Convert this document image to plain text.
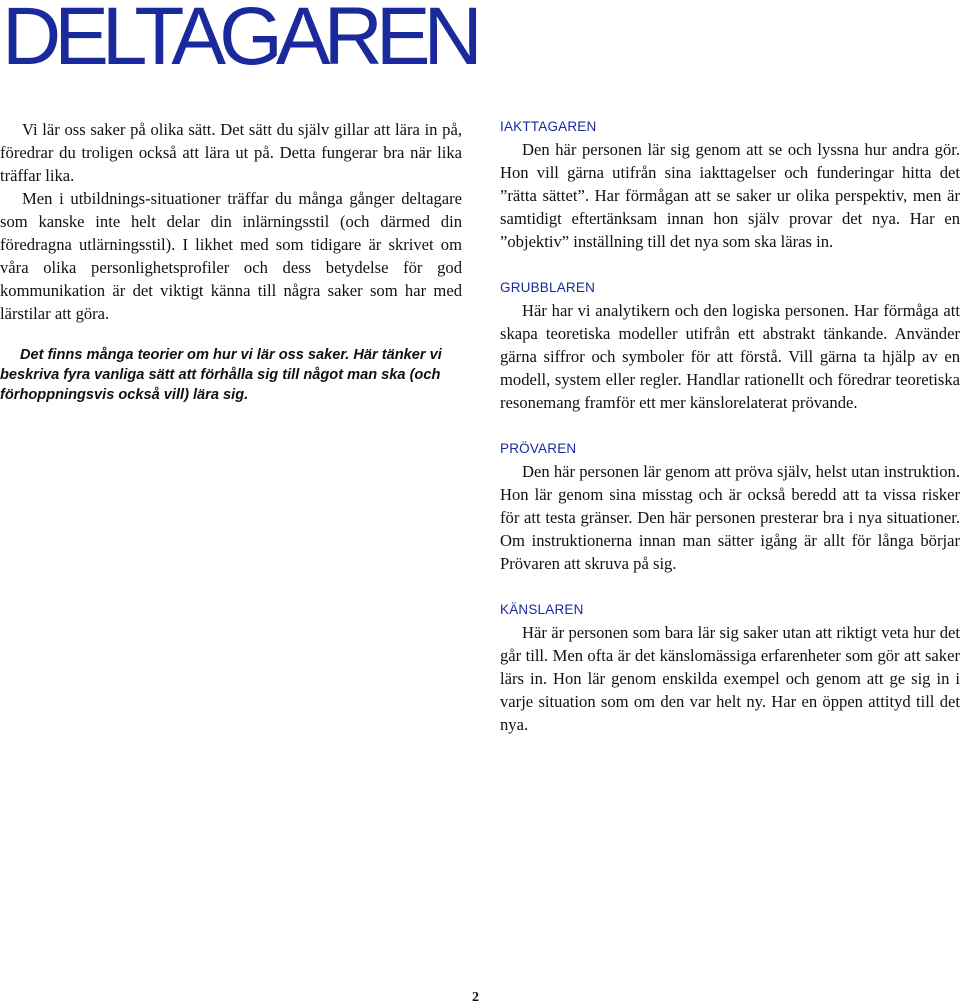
DELTAGAREN

Vi lär oss saker på olika sätt. Det sätt du själv gillar att lära in på, föredrar du troligen också att lära ut på. Detta fungerar bra när lika träffar lika.

Men i utbildnings-situationer träffar du många gånger deltagare som kanske inte helt delar din inlärningsstil (och därmed din föredragna utlärningsstil). I likhet med som tidigare är skrivet om våra olika personlighetsprofiler och dess betydelse för god kommunikation är det viktigt känna till några saker som har med lärstilar att göra.

Det finns många teorier om hur vi lär oss saker. Här tänker vi beskriva fyra vanliga sätt att förhålla sig till något man ska (och förhoppningsvis också vill) lära sig.

IAKTTAGAREN

Den här personen lär sig genom att se och lyssna hur andra gör. Hon vill gärna utifrån sina iakttagelser och funderingar hitta det ”rätta sättet”. Har förmågan att se saker ur olika perspektiv, men är samtidigt eftertänksam innan hon själv provar det nya. Har en ”objektiv” inställning till det nya som ska läras in.

GRUBBLAREN

Här har vi analytikern och den logiska personen. Har förmåga att skapa teoretiska modeller utifrån ett abstrakt tänkande. Använder gärna siffror och symboler för att förstå. Vill gärna ta hjälp av en modell, system eller regler. Handlar rationellt och föredrar teoretiska resonemang framför ett mer känslorelaterat prövande.

PRÖVAREN

Den här personen lär genom att pröva själv, helst utan instruktion. Hon lär genom sina misstag och är också beredd att ta vissa risker för att testa gränser. Den här personen presterar bra i nya situationer. Om instruktionerna innan man sätter igång är allt för långa börjar Prövaren att skruva på sig.

KÄNSLAREN

Här är personen som bara lär sig saker utan att riktigt veta hur det går till. Men ofta är det känslomässiga erfarenheter som gör att saker lärs in. Hon lär genom enskilda exempel och genom att ge sig in i varje situation som om den var helt ny. Har en öppen attityd till det nya.

2
